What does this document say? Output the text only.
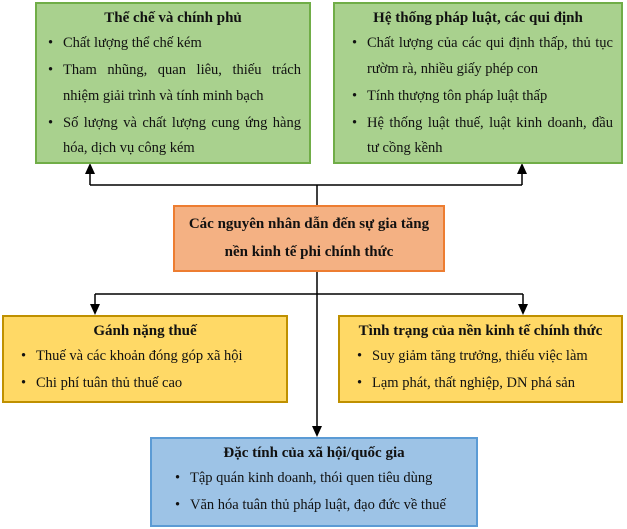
Thể chế và chính phủ
• Chất lượng thể chế kém
• Tham nhũng, quan liêu, thiếu trách nhiệm giải trình và tính minh bạch
• Số lượng và chất lượng cung ứng hàng hóa, dịch vụ công kém
Hệ thống pháp luật, các qui định
• Chất lượng của các qui định thấp, thủ tục rườm rà, nhiều giấy phép con
• Tính thượng tôn pháp luật thấp
• Hệ thống luật thuế, luật kinh doanh, đầu tư cồng kềnh
Các nguyên nhân dẫn đến sự gia tăng nền kinh tế phi chính thức
Gánh nặng thuế
• Thuế và các khoản đóng góp xã hội
• Chi phí tuân thủ thuế cao
Tình trạng của nền kinh tế chính thức
• Suy giảm tăng trưởng, thiếu việc làm
• Lạm phát, thất nghiệp, DN phá sản
Đặc tính của xã hội/quốc gia
• Tập quán kinh doanh, thói quen tiêu dùng
• Văn hóa tuân thủ pháp luật, đạo đức về thuế
